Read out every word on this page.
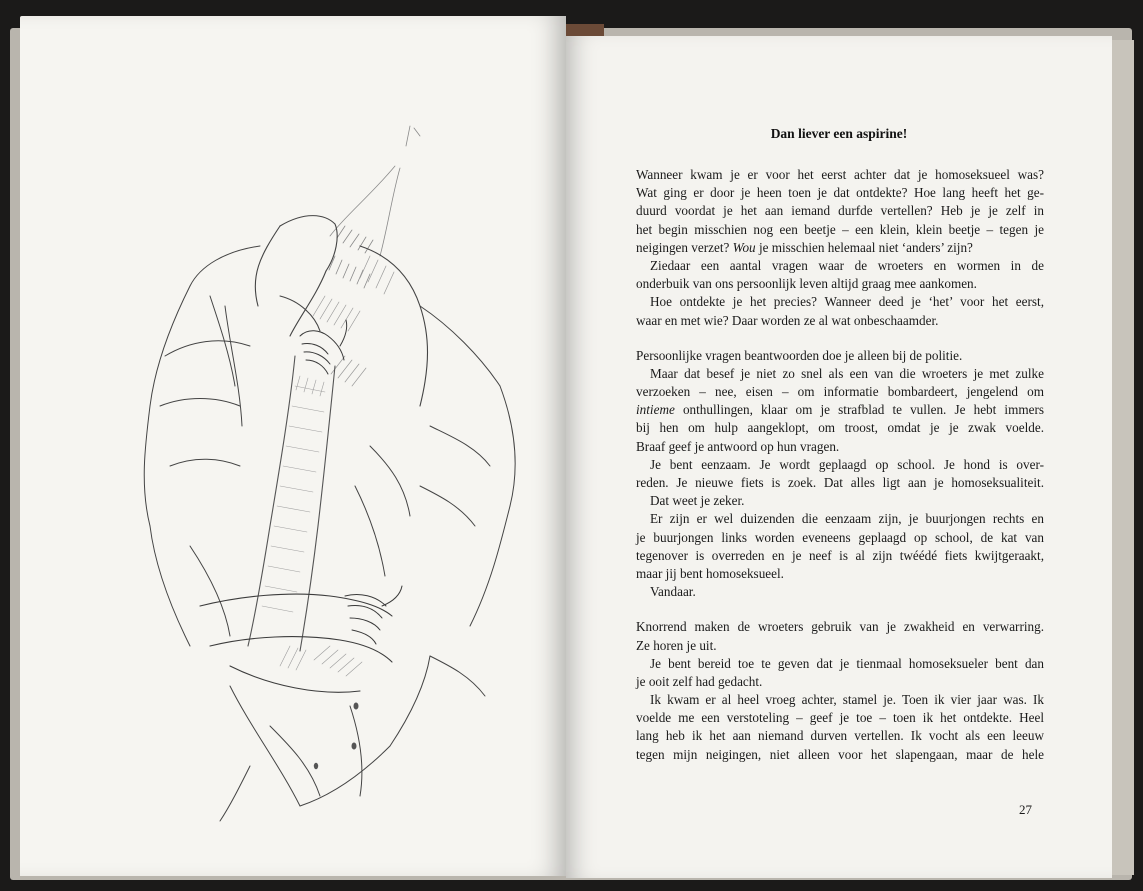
Dan liever een aspirine!
Wanneer kwam je er voor het eerst achter dat je homoseksueel was?
Wat ging er door je heen toen je dat ontdekte? Hoe lang heeft het ge-
duurd voordat je het aan iemand durfde vertellen? Heb je je zelf in
het begin misschien nog een beetje – een klein, klein beetje – tegen je
neigingen verzet? Wou je misschien helemaal niet ‘anders’ zijn?
Ziedaar een aantal vragen waar de wroeters en wormen in de
onderbuik van ons persoonlijk leven altijd graag mee aankomen.
Hoe ontdekte je het precies? Wanneer deed je ‘het’ voor het eerst,
waar en met wie? Daar worden ze al wat onbeschaamder.
Persoonlijke vragen beantwoorden doe je alleen bij de politie.
Maar dat besef je niet zo snel als een van die wroeters je met zulke
verzoeken – nee, eisen – om informatie bombardeert, jengelend om
intieme onthullingen, klaar om je strafblad te vullen. Je hebt immers
bij hen om hulp aangeklopt, om troost, omdat je je zwak voelde.
Braaf geef je antwoord op hun vragen.
Je bent eenzaam. Je wordt geplaagd op school. Je hond is over-
reden. Je nieuwe fiets is zoek. Dat alles ligt aan je homoseksualiteit.
Dat weet je zeker.
Er zijn er wel duizenden die eenzaam zijn, je buurjongen rechts en
je buurjongen links worden eveneens geplaagd op school, de kat van
tegenover is overreden en je neef is al zijn twéédé fiets kwijtgeraakt,
maar jij bent homoseksueel.
Vandaar.
Knorrend maken de wroeters gebruik van je zwakheid en verwarring.
Ze horen je uit.
Je bent bereid toe te geven dat je tienmaal homoseksueler bent dan
je ooit zelf had gedacht.
Ik kwam er al heel vroeg achter, stamel je. Toen ik vier jaar was. Ik
voelde me een verstoteling – geef je toe – toen ik het ontdekte. Heel
lang heb ik het aan niemand durven vertellen. Ik vocht als een leeuw
tegen mijn neigingen, niet alleen voor het slapengaan, maar de hele
27
